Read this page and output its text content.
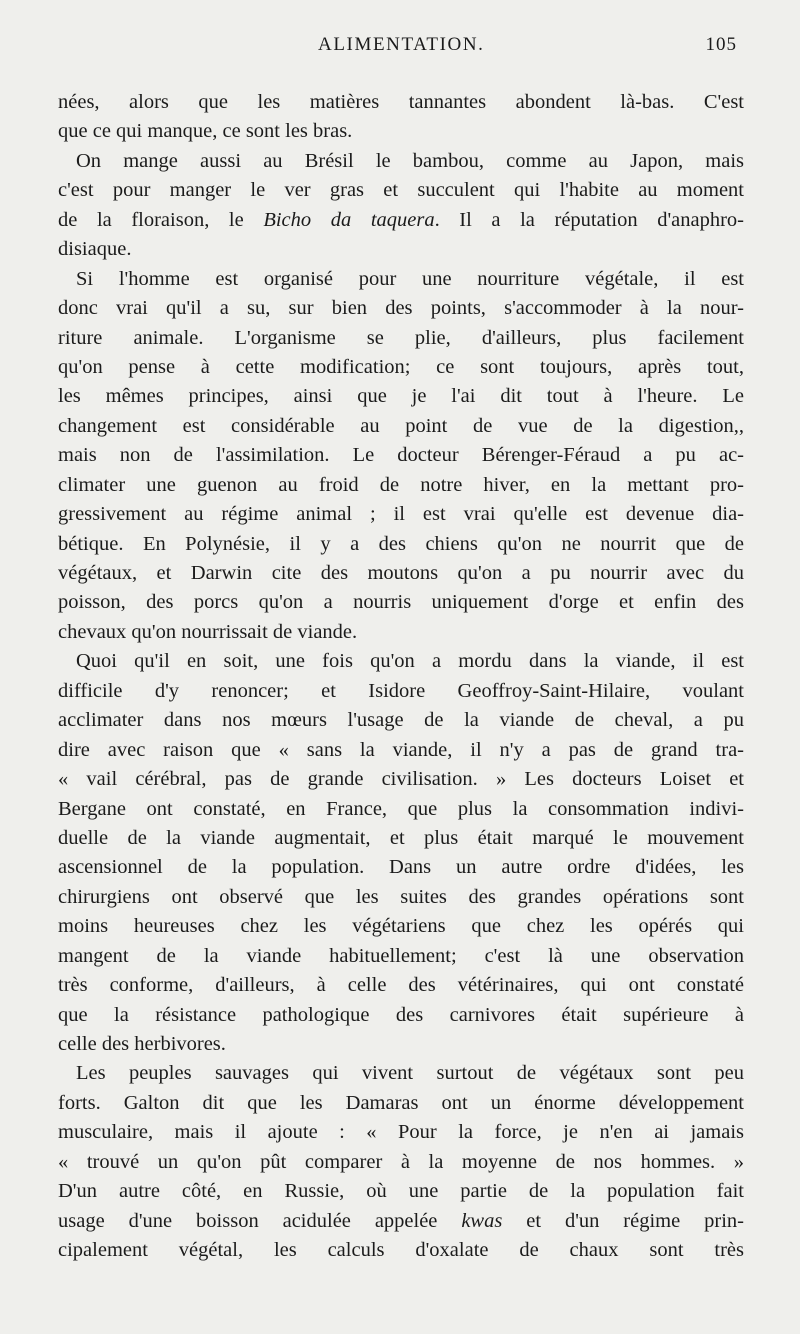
ALIMENTATION.	105
nées, alors que les matières tannantes abondent là-bas. C'est
que ce qui manque, ce sont les bras.
On mange aussi au Brésil le bambou, comme au Japon, mais
c'est pour manger le ver gras et succulent qui l'habite au moment
de la floraison, le Bicho da taquera. Il a la réputation d'anaphro-
disiaque.
Si l'homme est organisé pour une nourriture végétale, il est
donc vrai qu'il a su, sur bien des points, s'accommoder à la nour-
riture animale. L'organisme se plie, d'ailleurs, plus facilement
qu'on pense à cette modification; ce sont toujours, après tout,
les mêmes principes, ainsi que je l'ai dit tout à l'heure. Le
changement est considérable au point de vue de la digestion,,
mais non de l'assimilation. Le docteur Bérenger-Féraud a pu ac-
climater une guenon au froid de notre hiver, en la mettant pro-
gressivement au régime animal ; il est vrai qu'elle est devenue dia-
bétique. En Polynésie, il y a des chiens qu'on ne nourrit que de
végétaux, et Darwin cite des moutons qu'on a pu nourrir avec du
poisson, des porcs qu'on a nourris uniquement d'orge et enfin des
chevaux qu'on nourrissait de viande.
Quoi qu'il en soit, une fois qu'on a mordu dans la viande, il est
difficile d'y renoncer; et Isidore Geoffroy-Saint-Hilaire, voulant
acclimater dans nos mœurs l'usage de la viande de cheval, a pu
dire avec raison que « sans la viande, il n'y a pas de grand tra-
« vail cérébral, pas de grande civilisation. » Les docteurs Loiset et
Bergane ont constaté, en France, que plus la consommation indivi-
duelle de la viande augmentait, et plus était marqué le mouvement
ascensionnel de la population. Dans un autre ordre d'idées, les
chirurgiens ont observé que les suites des grandes opérations sont
moins heureuses chez les végétariens que chez les opérés qui
mangent de la viande habituellement; c'est là une observation
très conforme, d'ailleurs, à celle des vétérinaires, qui ont constaté
que la résistance pathologique des carnivores était supérieure à
celle des herbivores.
Les peuples sauvages qui vivent surtout de végétaux sont peu
forts. Galton dit que les Damaras ont un énorme développement
musculaire, mais il ajoute : « Pour la force, je n'en ai jamais
« trouvé un qu'on pût comparer à la moyenne de nos hommes. »
D'un autre côté, en Russie, où une partie de la population fait
usage d'une boisson acidulée appelée kwas et d'un régime prin-
cipalement végétal, les calculs d'oxalate de chaux sont très
